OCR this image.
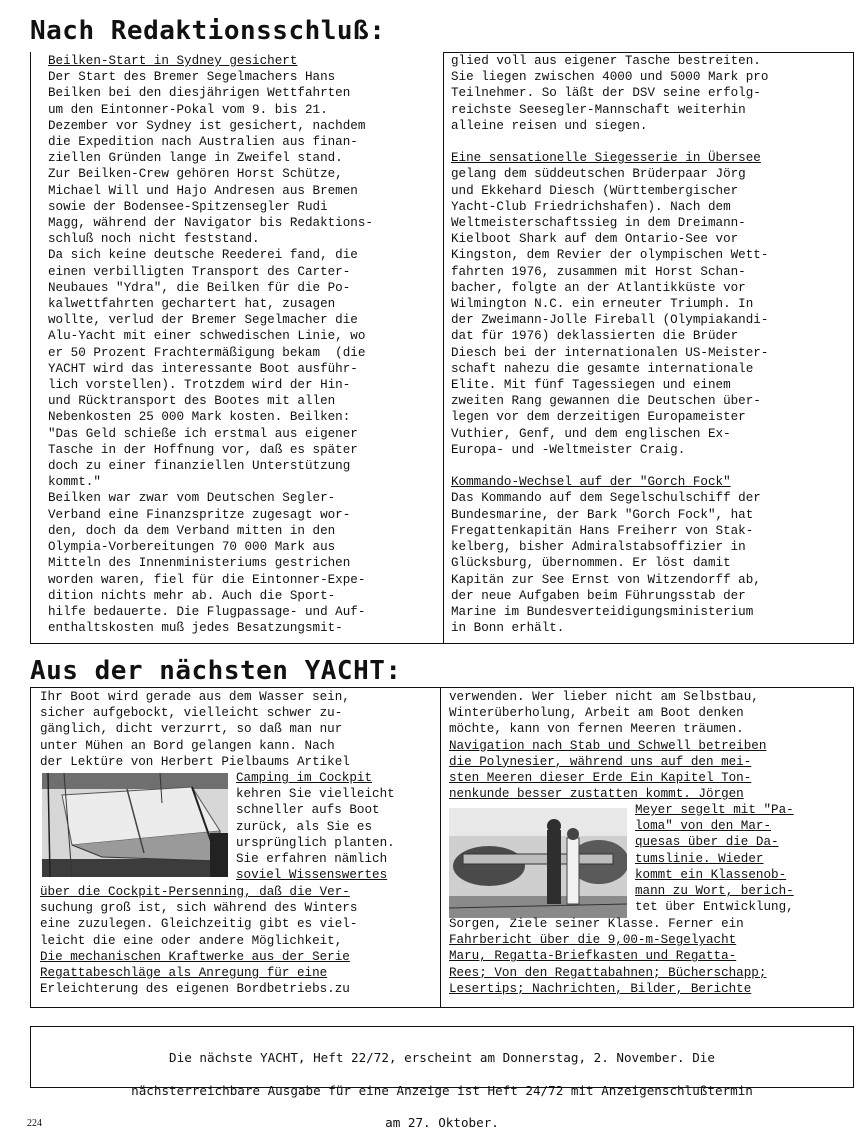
Nach Redaktionsschluß:
Beilken-Start in Sydney gesichert
Der Start des Bremer Segelmachers Hans
Beilken bei den diesjährigen Wettfahrten
um den Eintonner-Pokal vom 9. bis 21.
Dezember vor Sydney ist gesichert, nachdem
die Expedition nach Australien aus finan-
ziellen Gründen lange in Zweifel stand.
Zur Beilken-Crew gehören Horst Schütze,
Michael Will und Hajo Andresen aus Bremen
sowie der Bodensee-Spitzensegler Rudi
Magg, während der Navigator bis Redaktions-
schluß noch nicht feststand.
Da sich keine deutsche Reederei fand, die
einen verbilligten Transport des Carter-
Neubaues "Ydra", die Beilken für die Po-
kalwettfahrten gechartert hat, zusagen
wollte, verlud der Bremer Segelmacher die
Alu-Yacht mit einer schwedischen Linie, wo
er 50 Prozent Frachtermäßigung bekam  (die
YACHT wird das interessante Boot ausführ-
lich vorstellen). Trotzdem wird der Hin-
und Rücktransport des Bootes mit allen
Nebenkosten 25 000 Mark kosten. Beilken:
"Das Geld schieße ich erstmal aus eigener
Tasche in der Hoffnung vor, daß es später
doch zu einer finanziellen Unterstützung
kommt."
Beilken war zwar vom Deutschen Segler-
Verband eine Finanzspritze zugesagt wor-
den, doch da dem Verband mitten in den
Olympia-Vorbereitungen 70 000 Mark aus
Mitteln des Innenministeriums gestrichen
worden waren, fiel für die Eintonner-Expe-
dition nichts mehr ab. Auch die Sport-
hilfe bedauerte. Die Flugpassage- und Auf-
enthaltskosten muß jedes Besatzungsmit-
glied voll aus eigener Tasche bestreiten.
Sie liegen zwischen 4000 und 5000 Mark pro
Teilnehmer. So läßt der DSV seine erfolg-
reichste Seesegler-Mannschaft weiterhin
alleine reisen und siegen.

Eine sensationelle Siegesserie in Übersee
gelang dem süddeutschen Brüderpaar Jörg
und Ekkehard Diesch (Württembergischer
Yacht-Club Friedrichshafen). Nach dem
Weltmeisterschaftssieg in dem Dreimann-
Kielboot Shark auf dem Ontario-See vor
Kingston, dem Revier der olympischen Wett-
fahrten 1976, zusammen mit Horst Schan-
bacher, folgte an der Atlantikküste vor
Wilmington N.C. ein erneuter Triumph. In
der Zweimann-Jolle Fireball (Olympiakandi-
dat für 1976) deklassierten die Brüder
Diesch bei der internationalen US-Meister-
schaft nahezu die gesamte internationale
Elite. Mit fünf Tagessiegen und einem
zweiten Rang gewannen die Deutschen über-
legen vor dem derzeitigen Europameister
Vuthier, Genf, und dem englischen Ex-
Europa- und -Weltmeister Craig.

Kommando-Wechsel auf der "Gorch Fock"
Das Kommando auf dem Segelschulschiff der
Bundesmarine, der Bark "Gorch Fock", hat
Fregattenkapitän Hans Freiherr von Stak-
kelberg, bisher Admiralstabsoffizier in
Glücksburg, übernommen. Er löst damit
Kapitän zur See Ernst von Witzendorff ab,
der neue Aufgaben beim Führungsstab der
Marine im Bundesverteidigungsministerium
in Bonn erhält.
Aus der nächsten YACHT:
Ihr Boot wird gerade aus dem Wasser sein,
sicher aufgebockt, vielleicht schwer zu-
gänglich, dicht verzurrt, so daß man nur
unter Mühen an Bord gelangen kann. Nach
der Lektüre von Herbert Pielbaums Artikel
Camping im Cockpit
kehren Sie vielleicht
schneller aufs Boot
zurück, als Sie es
ursprünglich planten.
Sie erfahren nämlich
soviel Wissenswertes
über die Cockpit-Persenning, daß die Ver-
suchung groß ist, sich während des Winters
eine zuzulegen. Gleichzeitig gibt es viel-
leicht die eine oder andere Möglichkeit,
Die mechanischen Kraftwerke aus der Serie
Regattabeschläge als Anregung für eine
Erleichterung des eigenen Bordbetriebs.zu
verwenden. Wer lieber nicht am Selbstbau,
Winterüberholung, Arbeit am Boot denken
möchte, kann von fernen Meeren träumen.
Navigation nach Stab und Schwell betreiben
die Polynesier, während uns auf den mei-
sten Meeren dieser Erde Ein Kapitel Ton-
nenkunde besser zustatten kommt. Jörgen
Meyer segelt mit "Pa-
loma" von den Mar-
quesas über die Da-
tumslinie. Wieder
kommt ein Klassenob-
mann zu Wort, berich-
tet über Entwicklung,
Sorgen, Ziele seiner Klasse. Ferner ein
Fahrbericht über die 9,00-m-Segelyacht
Maru, Regatta-Briefkasten und Regatta-
Rees; Von den Regattabahnen; Bücherschapp;
Lesertips; Nachrichten, Bilder, Berichte

Die nächste YACHT, Heft 22/72, erscheint am Donnerstag, 2. November. Die

nächsterreichbare Ausgabe für eine Anzeige ist Heft 24/72 mit Anzeigenschlußtermin

am 27. Oktober.

224
